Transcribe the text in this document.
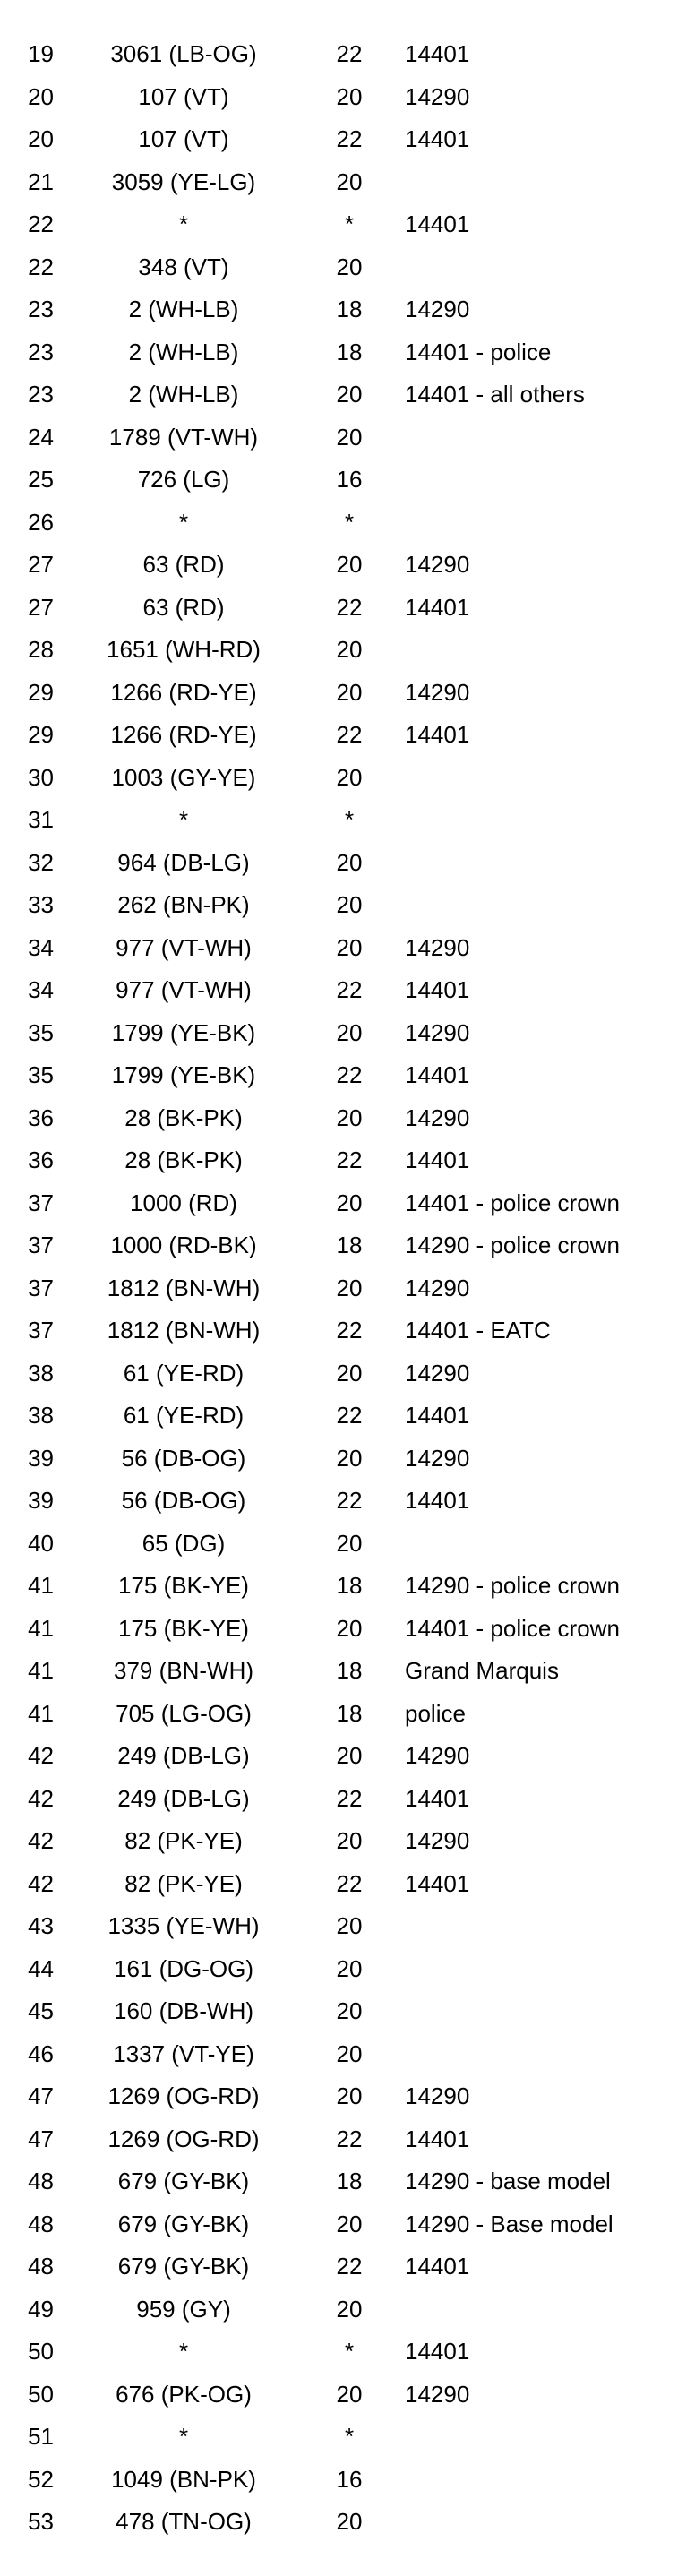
19	3061 (LB-OG)	22	14401
20	107 (VT)	20	14290
20	107 (VT)	22	14401
21	3059 (YE-LG)	20	
22	*	*	14401
22	348 (VT)	20	
23	2 (WH-LB)	18	14290
23	2 (WH-LB)	18	14401 - police
23	2 (WH-LB)	20	14401 - all others
24	1789 (VT-WH)	20	
25	726 (LG)	16	
26	*	*	
27	63 (RD)	20	14290
27	63 (RD)	22	14401
28	1651 (WH-RD)	20	
29	1266 (RD-YE)	20	14290
29	1266 (RD-YE)	22	14401
30	1003 (GY-YE)	20	
31	*	*	
32	964 (DB-LG)	20	
33	262 (BN-PK)	20	
34	977 (VT-WH)	20	14290
34	977 (VT-WH)	22	14401
35	1799 (YE-BK)	20	14290
35	1799 (YE-BK)	22	14401
36	28 (BK-PK)	20	14290
36	28 (BK-PK)	22	14401
37	1000 (RD)	20	14401 - police crown
37	1000 (RD-BK)	18	14290 - police crown
37	1812 (BN-WH)	20	14290
37	1812 (BN-WH)	22	14401 - EATC
38	61 (YE-RD)	20	14290
38	61 (YE-RD)	22	14401
39	56 (DB-OG)	20	14290
39	56 (DB-OG)	22	14401
40	65 (DG)	20	
41	175 (BK-YE)	18	14290 - police crown
41	175 (BK-YE)	20	14401 - police crown
41	379 (BN-WH)	18	Grand Marquis
41	705 (LG-OG)	18	police
42	249 (DB-LG)	20	14290
42	249 (DB-LG)	22	14401
42	82 (PK-YE)	20	14290
42	82 (PK-YE)	22	14401
43	1335 (YE-WH)	20	
44	161 (DG-OG)	20	
45	160 (DB-WH)	20	
46	1337 (VT-YE)	20	
47	1269 (OG-RD)	20	14290
47	1269 (OG-RD)	22	14401
48	679 (GY-BK)	18	14290 - base model
48	679 (GY-BK)	20	14290 - Base model
48	679 (GY-BK)	22	14401
49	959 (GY)	20	
50	*	*	14401
50	676 (PK-OG)	20	14290
51	*	*	
52	1049 (BN-PK)	16	
53	478 (TN-OG)	20	
